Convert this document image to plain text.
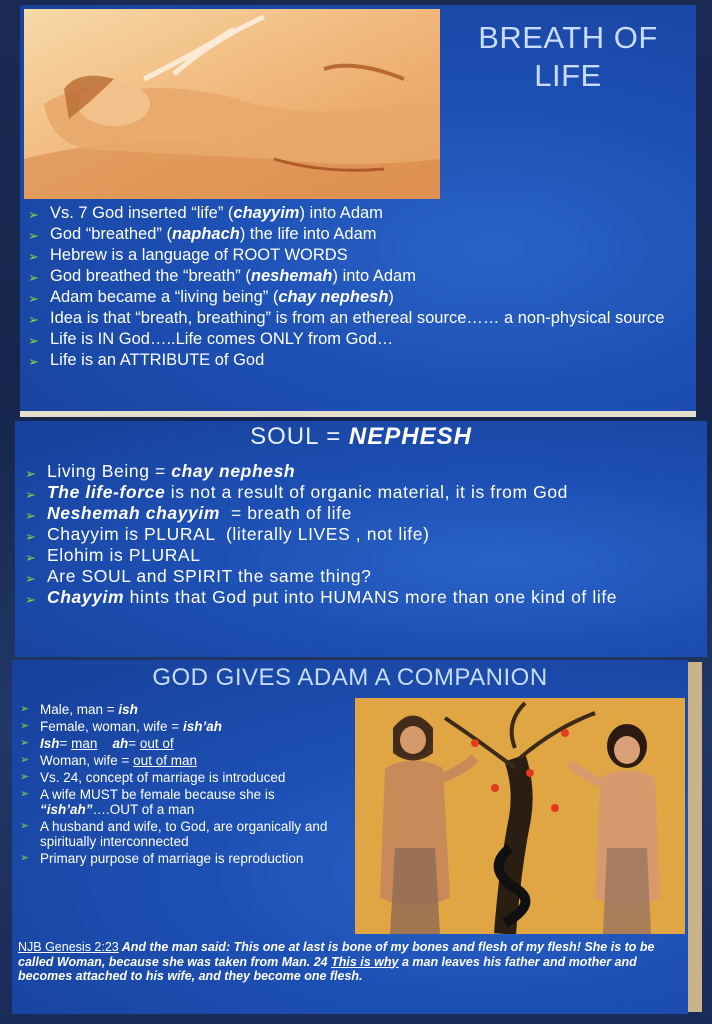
BREATH OF LIFE
➢ Vs. 7 God inserted “life” (chayyim) into Adam
➢ God “breathed” (naphach) the life into Adam
➢ Hebrew is a language of ROOT WORDS
➢ God breathed the “breath” (neshemah) into Adam
➢ Adam became a “living being” (chay nephesh)
➢ Idea is that “breath, breathing” is from an ethereal source…… a non-physical source
➢ Life is IN God…..Life comes ONLY from God…
➢ Life is an ATTRIBUTE of God
SOUL = NEPHESH
➢ Living Being = chay nephesh
➢ The life-force is not a result of organic material, it is from God
➢ Neshemah chayyim  = breath of life
➢ Chayyim is PLURAL  (literally LIVES , not life)
➢ Elohim is PLURAL
➢ Are SOUL and SPIRIT the same thing?
➢ Chayyim hints that God put into HUMANS more than one kind of life
GOD GIVES ADAM A COMPANION
➢ Male, man = ish
➢ Female, woman, wife = ish’ah
➢ Ish= man ah= out of
➢ Woman, wife = out of man
➢ Vs. 24, concept of marriage is introduced
➢ A wife MUST be female because she is “ish’ah”….OUT of a man
➢ A husband and wife, to God, are organically and spiritually interconnected
➢ Primary purpose of marriage is reproduction
NJB Genesis 2:23 And the man said: This one at last is bone of my bones and flesh of my flesh! She is to be called Woman, because she was taken from Man. 24 This is why a man leaves his father and mother and becomes attached to his wife, and they become one flesh.
